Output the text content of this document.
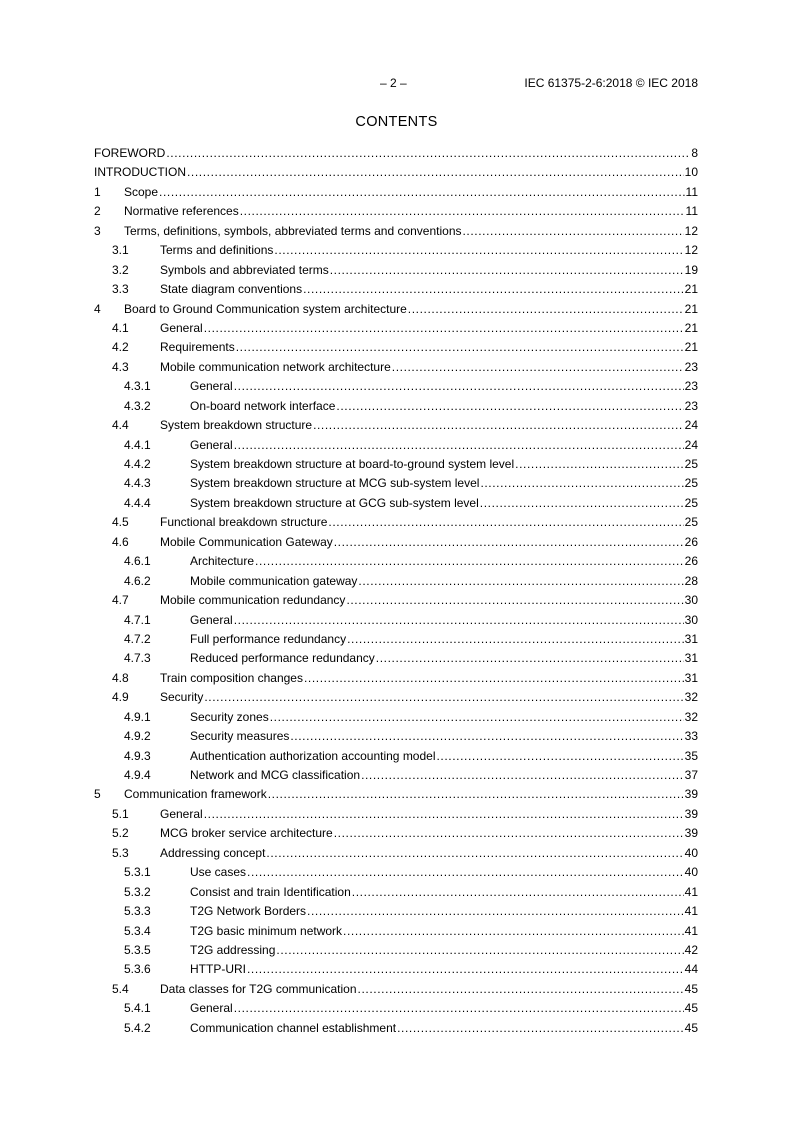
– 2 –	IEC 61375-2-6:2018 © IEC 2018
CONTENTS
FOREWORD .....	8
INTRODUCTION .....	10
1	Scope .....	11
2	Normative references .....	11
3	Terms, definitions, symbols, abbreviated terms and conventions .....	12
3.1	Terms and definitions .....	12
3.2	Symbols and abbreviated terms .....	19
3.3	State diagram conventions .....	21
4	Board to Ground Communication system architecture .....	21
4.1	General .....	21
4.2	Requirements .....	21
4.3	Mobile communication network architecture .....	23
4.3.1	General .....	23
4.3.2	On-board network interface .....	23
4.4	System breakdown structure .....	24
4.4.1	General .....	24
4.4.2	System breakdown structure at board-to-ground system level .....	25
4.4.3	System breakdown structure at MCG sub-system level .....	25
4.4.4	System breakdown structure at GCG sub-system level .....	25
4.5	Functional breakdown structure .....	25
4.6	Mobile Communication Gateway .....	26
4.6.1	Architecture .....	26
4.6.2	Mobile communication gateway .....	28
4.7	Mobile communication redundancy .....	30
4.7.1	General .....	30
4.7.2	Full performance redundancy .....	31
4.7.3	Reduced performance redundancy .....	31
4.8	Train composition changes .....	31
4.9	Security .....	32
4.9.1	Security zones .....	32
4.9.2	Security measures .....	33
4.9.3	Authentication authorization accounting model .....	35
4.9.4	Network and MCG classification .....	37
5	Communication framework .....	39
5.1	General .....	39
5.2	MCG broker service architecture .....	39
5.3	Addressing concept .....	40
5.3.1	Use cases .....	40
5.3.2	Consist and train Identification .....	41
5.3.3	T2G Network Borders .....	41
5.3.4	T2G basic minimum network .....	41
5.3.5	T2G addressing .....	42
5.3.6	HTTP-URI .....	44
5.4	Data classes for T2G communication .....	45
5.4.1	General .....	45
5.4.2	Communication channel establishment .....	45
